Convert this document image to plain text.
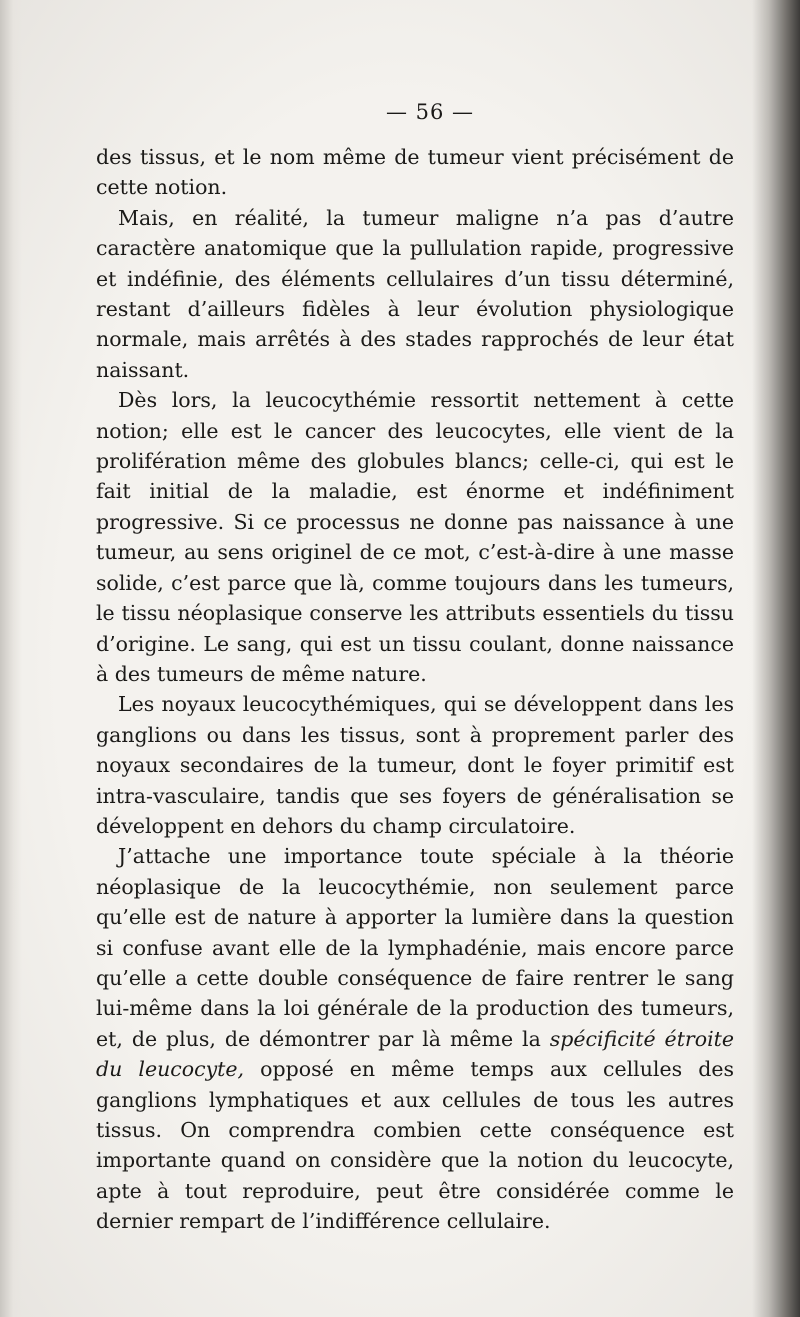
— 56 —

des tissus, et le nom même de tumeur vient précisément de cette notion.

Mais, en réalité, la tumeur maligne n’a pas d’autre caractère anatomique que la pullulation rapide, progressive et indéfinie, des éléments cellulaires d’un tissu déterminé, restant d’ailleurs fidèles à leur évolution physiologique normale, mais arrêtés à des stades rapprochés de leur état naissant.

Dès lors, la leucocythémie ressortit nettement à cette notion; elle est le cancer des leucocytes, elle vient de la prolifération même des globules blancs; celle-ci, qui est le fait initial de la maladie, est énorme et indéfiniment progressive. Si ce processus ne donne pas naissance à une tumeur, au sens originel de ce mot, c’est-à-dire à une masse solide, c’est parce que là, comme toujours dans les tumeurs, le tissu néoplasique conserve les attributs essentiels du tissu d’origine. Le sang, qui est un tissu coulant, donne naissance à des tumeurs de même nature.

Les noyaux leucocythémiques, qui se développent dans les ganglions ou dans les tissus, sont à proprement parler des noyaux secondaires de la tumeur, dont le foyer primitif est intra-vasculaire, tandis que ses foyers de généralisation se développent en dehors du champ circulatoire.

J’attache une importance toute spéciale à la théorie néoplasique de la leucocythémie, non seulement parce qu’elle est de nature à apporter la lumière dans la question si confuse avant elle de la lymphadénie, mais encore parce qu’elle a cette double conséquence de faire rentrer le sang lui-même dans la loi générale de la production des tumeurs, et, de plus, de démontrer par là même la spécificité étroite du leucocyte, opposé en même temps aux cellules des ganglions lymphatiques et aux cellules de tous les autres tissus. On comprendra combien cette conséquence est importante quand on considère que la notion du leucocyte, apte à tout reproduire, peut être considérée comme le dernier rempart de l’indifférence cellulaire.
